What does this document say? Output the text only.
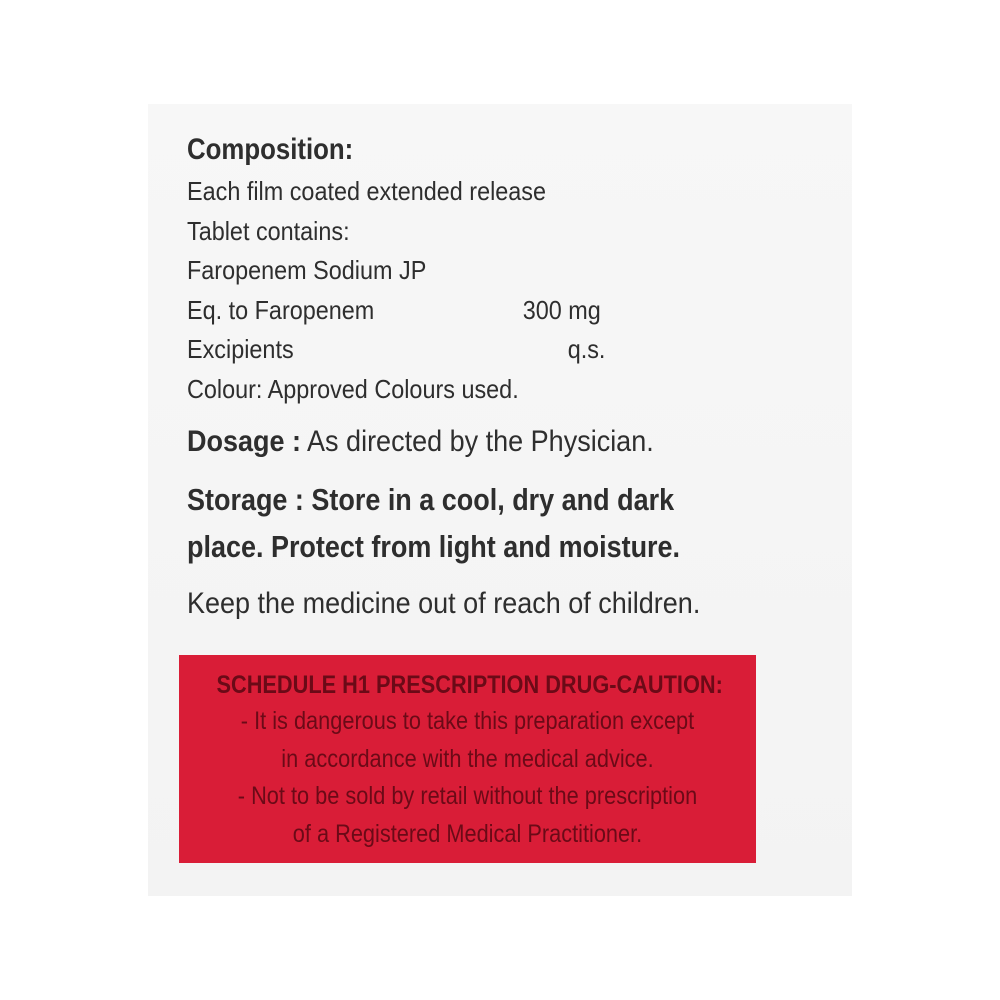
Composition:
Each film coated extended release
Tablet contains:
Faropenem Sodium JP
Eq. to Faropenem	300 mg
Excipients	q.s.
Colour: Approved Colours used.
Dosage : As directed by the Physician.
Storage : Store in a cool, dry and dark
place. Protect from light and moisture.
Keep the medicine out of reach of children.
SCHEDULE H1 PRESCRIPTION DRUG-CAUTION:
- It is dangerous to take this preparation except
in accordance with the medical advice.
- Not to be sold by retail without the prescription
of a Registered Medical Practitioner.
